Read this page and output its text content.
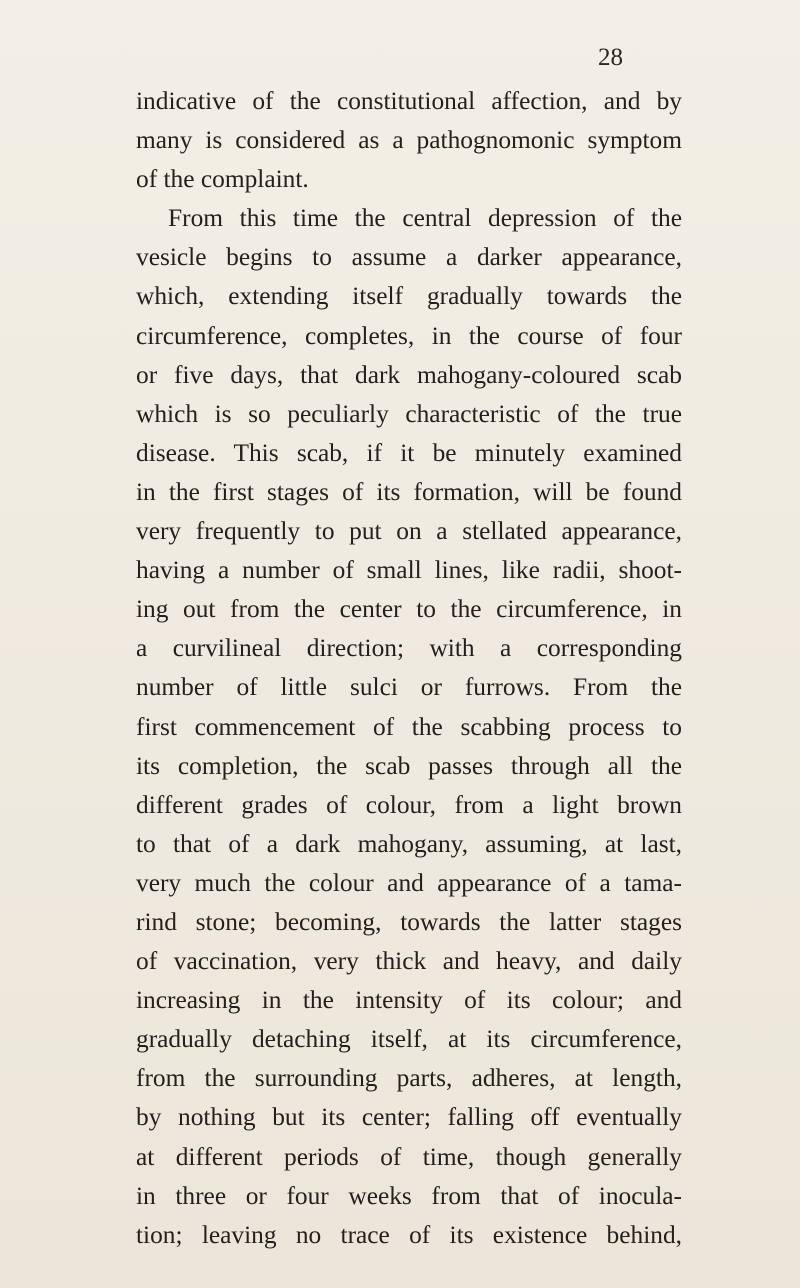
28
indicative of the constitutional affection, and by
many is considered as a pathognomonic symptom
of the complaint.
From this time the central depression of the
vesicle begins to assume a darker appearance,
which, extending itself gradually towards the
circumference, completes, in the course of four
or five days, that dark mahogany-coloured scab
which is so peculiarly characteristic of the true
disease. This scab, if it be minutely examined
in the first stages of its formation, will be found
very frequently to put on a stellated appearance,
having a number of small lines, like radii, shoot-
ing out from the center to the circumference, in
a curvilineal direction; with a corresponding
number of little sulci or furrows. From the
first commencement of the scabbing process to
its completion, the scab passes through all the
different grades of colour, from a light brown
to that of a dark mahogany, assuming, at last,
very much the colour and appearance of a tama-
rind stone; becoming, towards the latter stages
of vaccination, very thick and heavy, and daily
increasing in the intensity of its colour; and
gradually detaching itself, at its circumference,
from the surrounding parts, adheres, at length,
by nothing but its center; falling off eventually
at different periods of time, though generally
in three or four weeks from that of inocula-
tion; leaving no trace of its existence behind,
